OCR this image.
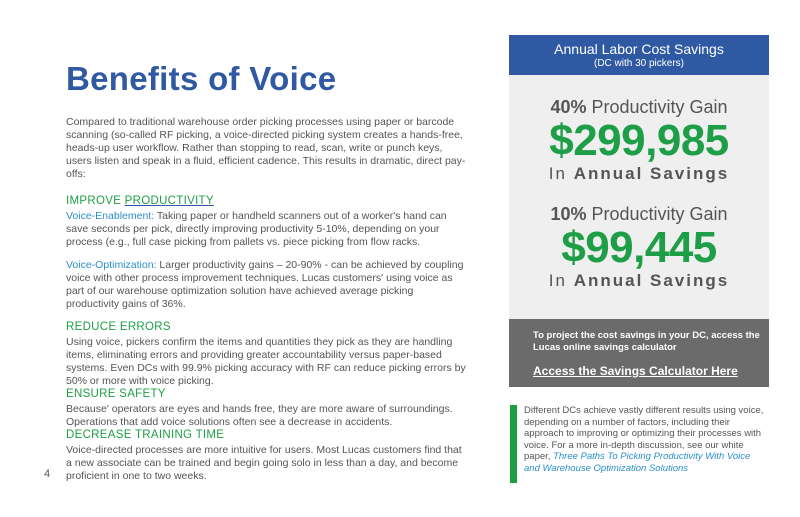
Benefits of Voice

Compared to traditional warehouse order picking processes using paper or barcode scanning (so-called RF picking, a voice-directed picking system creates a hands-free, heads-up user workflow. Rather than stopping to read, scan, write or punch keys, users listen and speak in a fluid, efficient cadence. This results in dramatic, direct pay-offs:

IMPROVE PRODUCTIVITY

Voice-Enablement: Taking paper or handheld scanners out of a worker's hand can save seconds per pick, directly improving productivity 5-10%, depending on your process (e.g., full case picking from pallets vs. piece picking from flow racks.

Voice-Optimization: Larger productivity gains – 20-90% - can be achieved by coupling voice with other process improvement techniques. Lucas customers' using voice as part of our warehouse optimization solution have achieved average picking productivity gains of 36%.

REDUCE ERRORS

Using voice, pickers confirm the items and quantities they pick as they are handling items, eliminating errors and providing greater accountability versus paper-based systems. Even DCs with 99.9% picking accuracy with RF can reduce picking errors by 50% or more with voice picking.

ENSURE SAFETY

Because' operators are eyes and hands free, they are more aware of surroundings. Operations that add voice solutions often see a decrease in accidents.

DECREASE TRAINING TIME

Voice-directed processes are more intuitive for users. Most Lucas customers find that a new associate can be trained and begin going solo in less than a day, and become proficient in one to two weeks.

4
Annual Labor Cost Savings
(DC with 30 pickers)
40% Productivity Gain
$299,985
In Annual Savings
10% Productivity Gain
$99,445
In Annual Savings
To project the cost savings in your DC, access the Lucas online savings calculator
Access the Savings Calculator Here
Different DCs achieve vastly different results using voice, depending on a number of factors, including their approach to improving or optimizing their processes with voice. For a more in-depth discussion, see our white paper, Three Paths To Picking Productivity With Voice and Warehouse Optimization Solutions
